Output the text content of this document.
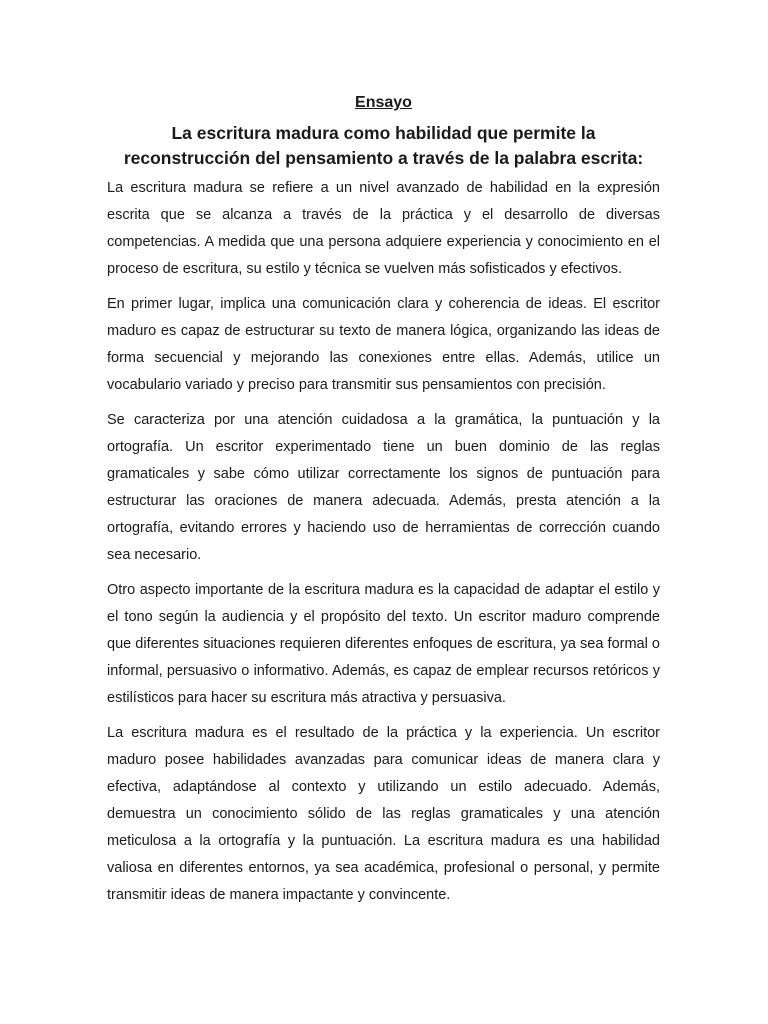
Ensayo
La escritura madura como habilidad que permite la reconstrucción del pensamiento a través de la palabra escrita:

La escritura madura se refiere a un nivel avanzado de habilidad en la expresión escrita que se alcanza a través de la práctica y el desarrollo de diversas competencias. A medida que una persona adquiere experiencia y conocimiento en el proceso de escritura, su estilo y técnica se vuelven más sofisticados y efectivos.

En primer lugar, implica una comunicación clara y coherencia de ideas. El escritor maduro es capaz de estructurar su texto de manera lógica, organizando las ideas de forma secuencial y mejorando las conexiones entre ellas. Además, utilice un vocabulario variado y preciso para transmitir sus pensamientos con precisión.

Se caracteriza por una atención cuidadosa a la gramática, la puntuación y la ortografía. Un escritor experimentado tiene un buen dominio de las reglas gramaticales y sabe cómo utilizar correctamente los signos de puntuación para estructurar las oraciones de manera adecuada. Además, presta atención a la ortografía, evitando errores y haciendo uso de herramientas de corrección cuando sea necesario.

Otro aspecto importante de la escritura madura es la capacidad de adaptar el estilo y el tono según la audiencia y el propósito del texto. Un escritor maduro comprende que diferentes situaciones requieren diferentes enfoques de escritura, ya sea formal o informal, persuasivo o informativo. Además, es capaz de emplear recursos retóricos y estilísticos para hacer su escritura más atractiva y persuasiva.

La escritura madura es el resultado de la práctica y la experiencia. Un escritor maduro posee habilidades avanzadas para comunicar ideas de manera clara y efectiva, adaptándose al contexto y utilizando un estilo adecuado. Además, demuestra un conocimiento sólido de las reglas gramaticales y una atención meticulosa a la ortografía y la puntuación. La escritura madura es una habilidad valiosa en diferentes entornos, ya sea académica, profesional o personal, y permite transmitir ideas de manera impactante y convincente.
